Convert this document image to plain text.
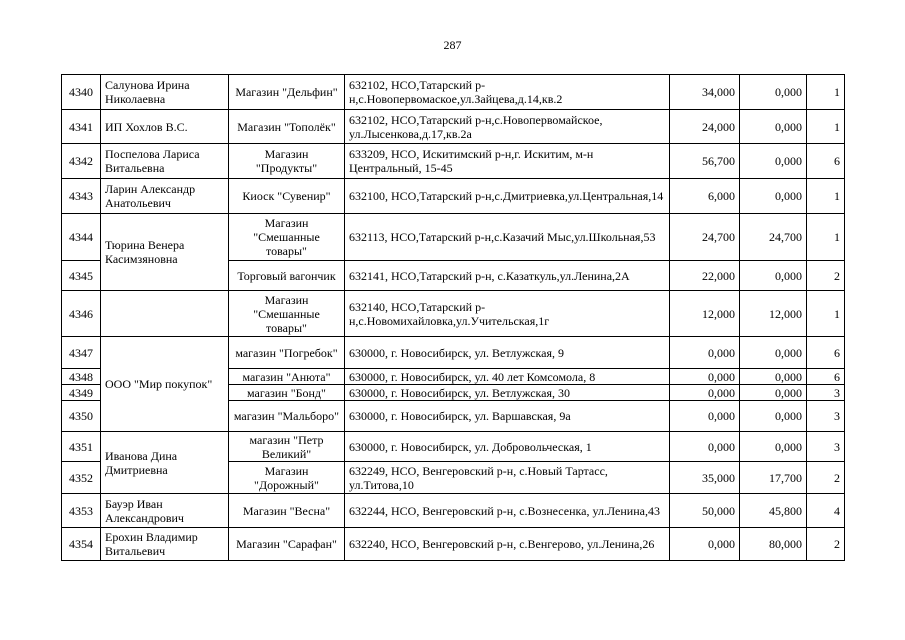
287
4340	Салунова Ирина Николаевна	Магазин "Дельфин"	632102, НСО,Татарский р-н,с.Новопервомаское,ул.Зайцева,д.14,кв.2	34,000	0,000	1
4341	ИП Хохлов В.С.	Магазин "Тополёк"	632102, НСО,Татарский р-н,с.Новопервомайское, ул.Лысенкова,д.17,кв.2а	24,000	0,000	1
4342	Поспелова Лариса Витальевна	Магазин "Продукты"	633209, НСО, Искитимский р-н,г. Искитим, м-н Центральный, 15-45	56,700	0,000	6
4343	Ларин Александр Анатольевич	Киоск "Сувенир"	632100, НСО,Татарский р-н,с.Дмитриевка,ул.Центральная,14	6,000	0,000	1
4344	Тюрина Венера Касимзяновна	Магазин "Смешанные товары"	632113, НСО,Татарский р-н,с.Казачий Мыс,ул.Школьная,53	24,700	24,700	1
4345		Торговый вагончик	632141, НСО,Татарский р-н, с.Казаткуль,ул.Ленина,2А	22,000	0,000	2
4346		Магазин "Смешанные товары"	632140, НСО,Татарский р-н,с.Новомихайловка,ул.Учительская,1г	12,000	12,000	1
4347	ООО "Мир покупок"	магазин "Погребок"	630000, г. Новосибирск, ул. Ветлужская, 9	0,000	0,000	6
4348		магазин "Анюта"	630000, г. Новосибирск, ул. 40 лет Комсомола, 8	0,000	0,000	6
4349		магазин "Бонд"	630000, г. Новосибирск, ул. Ветлужская, 30	0,000	0,000	3
4350		магазин "Мальборо"	630000, г. Новосибирск, ул. Варшавская, 9а	0,000	0,000	3
4351	Иванова Дина Дмитриевна	магазин "Петр Великий"	630000, г. Новосибирск, ул. Добровольческая, 1	0,000	0,000	3
4352		Магазин "Дорожный"	632249, НСО, Венгеровский р-н, с.Новый Тартасс, ул.Титова,10	35,000	17,700	2
4353	Бауэр Иван Александрович	Магазин "Весна"	632244, НСО, Венгеровский р-н, с.Вознесенка, ул.Ленина,43	50,000	45,800	4
4354	Ерохин Владимир Витальевич	Магазин "Сарафан"	632240, НСО, Венгеровский р-н, с.Венгерово, ул.Ленина,26	0,000	80,000	2
